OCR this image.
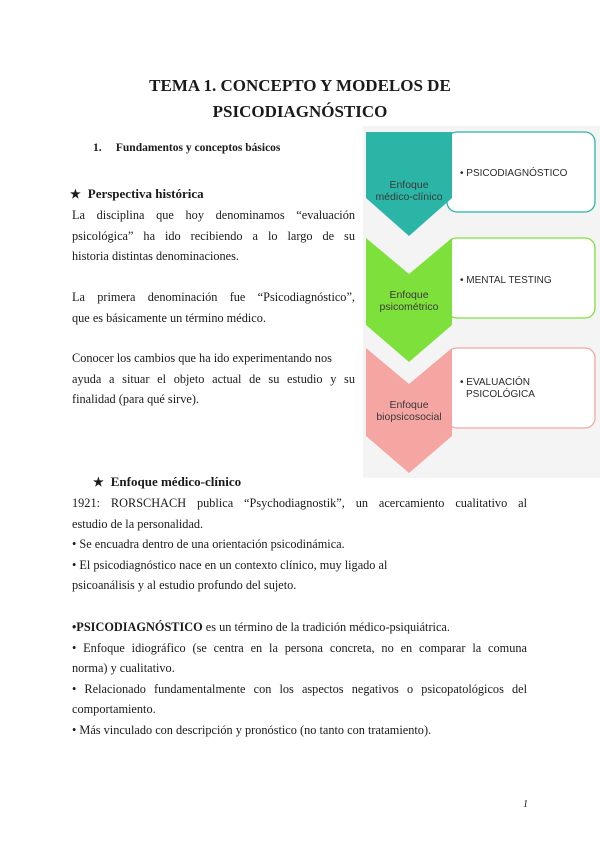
TEMA 1. CONCEPTO Y MODELOS DE
PSICODIAGNÓSTICO
1. Fundamentos y conceptos básicos
★ Perspectiva histórica
La disciplina que hoy denominamos “evaluación
psicológica” ha ido recibiendo a lo largo de su
historia distintas denominaciones.
La primera denominación fue “Psicodiagnóstico”,
que es básicamente un término médico.
Conocer los cambios que ha ido experimentando nos
ayuda a situar el objeto actual de su estudio y su
finalidad (para qué sirve).
Enfoque
médico-clínico
• PSICODIAGNÓSTICO
Enfoque
psicométrico
• MENTAL TESTING
Enfoque
biopsicosocial
• EVALUACIÓN
PSICOLÓGICA
★ Enfoque médico-clínico
1921: RORSCHACH publica “Psychodiagnostik”, un acercamiento cualitativo al
estudio de la personalidad.
• Se encuadra dentro de una orientación psicodinámica.
• El psicodiagnóstico nace en un contexto clínico, muy ligado al
psicoanálisis y al estudio profundo del sujeto.
•PSICODIAGNÓSTICO es un término de la tradición médico-psiquiátrica.
• Enfoque idiográfico (se centra en la persona concreta, no en comparar la comuna
norma) y cualitativo.
• Relacionado fundamentalmente con los aspectos negativos o psicopatológicos del
comportamiento.
• Más vinculado con descripción y pronóstico (no tanto con tratamiento).
1
